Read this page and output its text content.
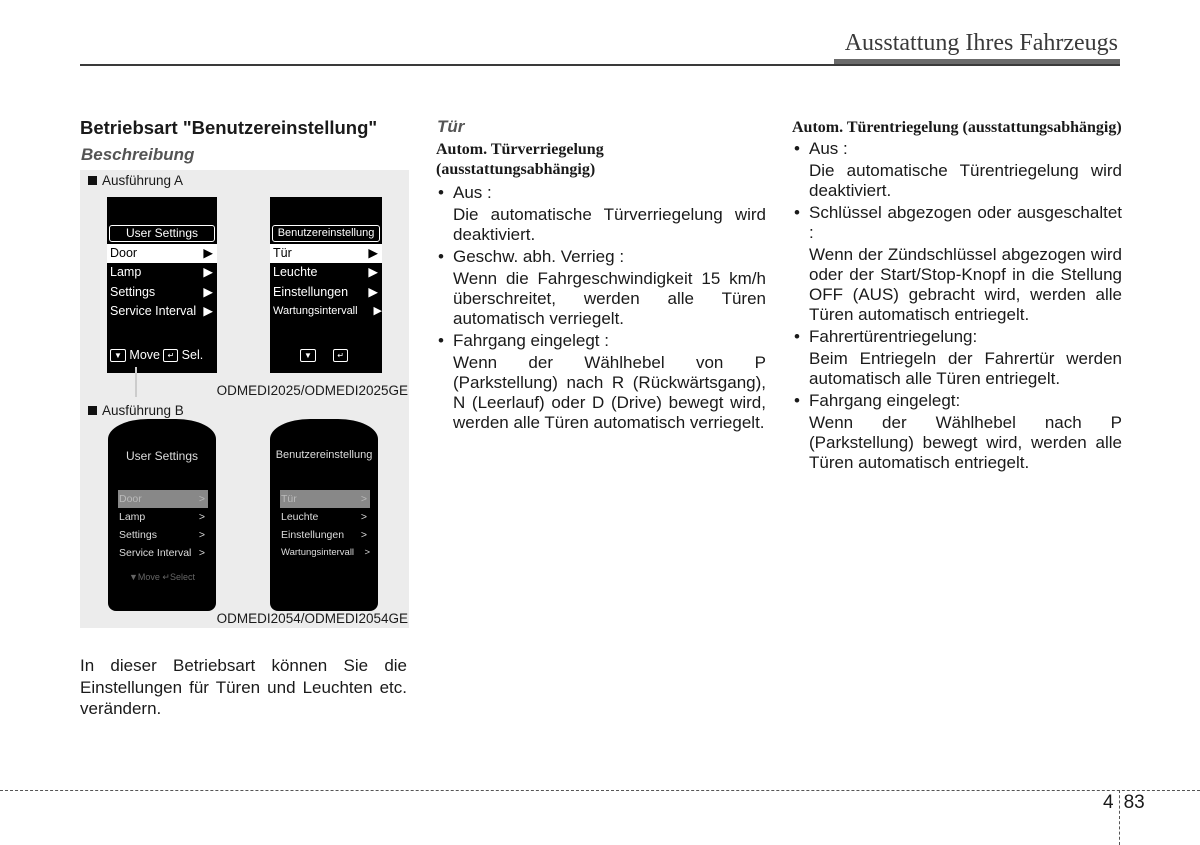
Ausstattung Ihres Fahrzeugs
Betriebsart "Benutzereinstellung"
Beschreibung
Ausführung A
User Settings
Door	▶
Lamp	▶
Settings	▶
Service Interval ▶
▼ Move ↵ Sel.
Benutzereinstellung
Tür	▶
Leuchte	▶
Einstellungen ▶
Wartungsintervall ▶
▼	↵
ODMEDI2025/ODMEDI2025GE
Ausführung B
User Settings
Door	>
Lamp	>
Settings	>
Service Interval >
▼Move ↵Select
Benutzereinstellung
Tür	>
Leuchte	>
Einstellungen >
Wartungsintervall >
ODMEDI2054/ODMEDI2054GE
In dieser Betriebsart können Sie die Einstellungen für Türen und Leuchten etc. verändern.
Tür
Autom. Türverriegelung (ausstattungsabhängig)
• Aus :

Die automatische Türverriegelung wird deaktiviert.

• Geschw. abh. Verrieg :

Wenn die Fahrgeschwindigkeit 15 km/h überschreitet, werden alle Türen automatisch verriegelt.

• Fahrgang eingelegt :

Wenn der Wählhebel von P (Parkstellung) nach R (Rückwärtsgang), N (Leerlauf) oder D (Drive) bewegt wird, werden alle Türen automatisch verriegelt.

Autom. Türentriegelung (ausstattungsabhängig)
• Aus :

Die automatische Türentriegelung wird deaktiviert.

• Schlüssel abgezogen oder ausgeschaltet :

Wenn der Zündschlüssel abgezogen wird oder der Start/Stop-Knopf in die Stellung OFF (AUS) gebracht wird, werden alle Türen automatisch entriegelt.

• Fahrertürentriegelung:

Beim Entriegeln der Fahrertür werden automatisch alle Türen entriegelt.

• Fahrgang eingelegt:

Wenn der Wählhebel nach P (Parkstellung) bewegt wird, werden alle Türen automatisch entriegelt.

4 83
